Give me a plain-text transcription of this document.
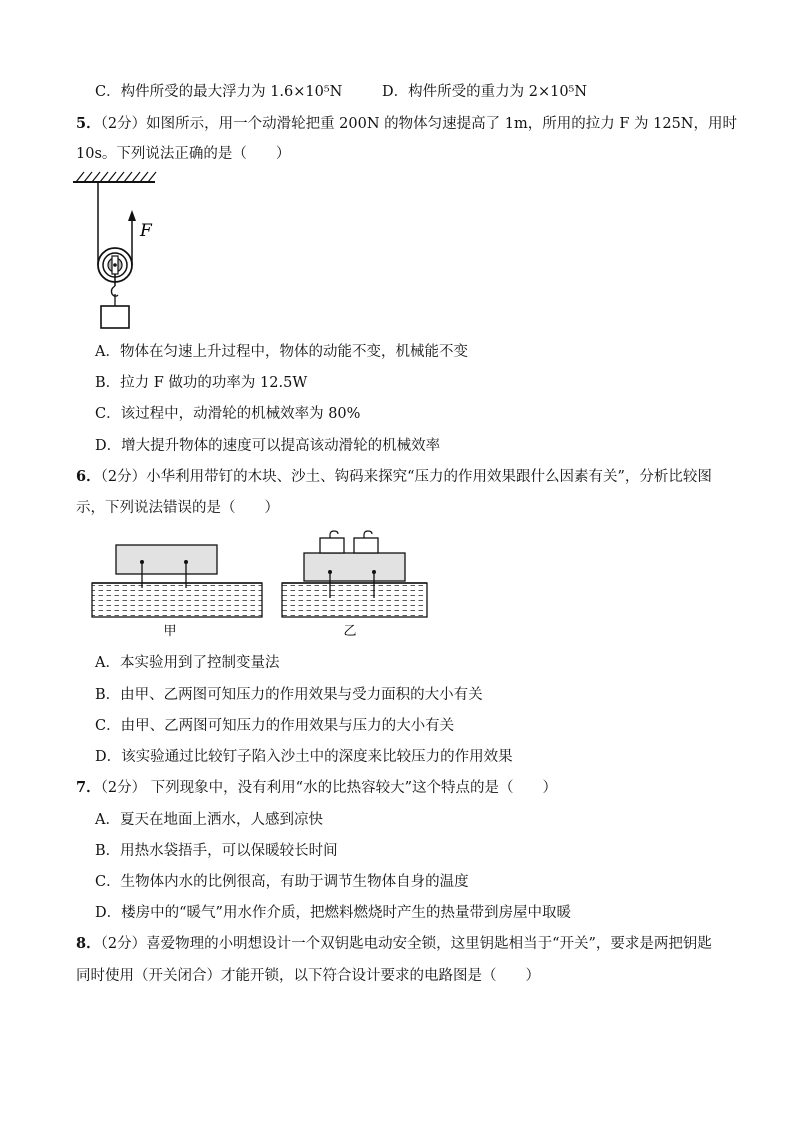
C．构件所受的最大浮力为 1.6×10⁵N	D．构件所受的重力为 2×10⁵N
5．（2分）如图所示，用一个动滑轮把重 200N 的物体匀速提高了 1m，所用的拉力 F 为 125N，用时
10s。下列说法正确的是（　　）
F
A．物体在匀速上升过程中，物体的动能不变，机械能不变
B．拉力 F 做功的功率为 12.5W
C．该过程中，动滑轮的机械效率为 80%
D．增大提升物体的速度可以提高该动滑轮的机械效率
6．（2分）小华利用带钉的木块、沙土、钩码来探究“压力的作用效果跟什么因素有关”，分析比较图
示，下列说法错误的是（　　）
甲	乙
A．本实验用到了控制变量法
B．由甲、乙两图可知压力的作用效果与受力面积的大小有关
C．由甲、乙两图可知压力的作用效果与压力的大小有关
D．该实验通过比较钉子陷入沙土中的深度来比较压力的作用效果
7．（2分） 下列现象中，没有利用“水的比热容较大”这个特点的是（　　）
A．夏天在地面上洒水，人感到凉快
B．用热水袋捂手，可以保暖较长时间
C．生物体内水的比例很高，有助于调节生物体自身的温度
D．楼房中的“暖气”用水作介质，把燃料燃烧时产生的热量带到房屋中取暖
8．（2分）喜爱物理的小明想设计一个双钥匙电动安全锁，这里钥匙相当于“开关”，要求是两把钥匙
同时使用（开关闭合）才能开锁，以下符合设计要求的电路图是（　　）
